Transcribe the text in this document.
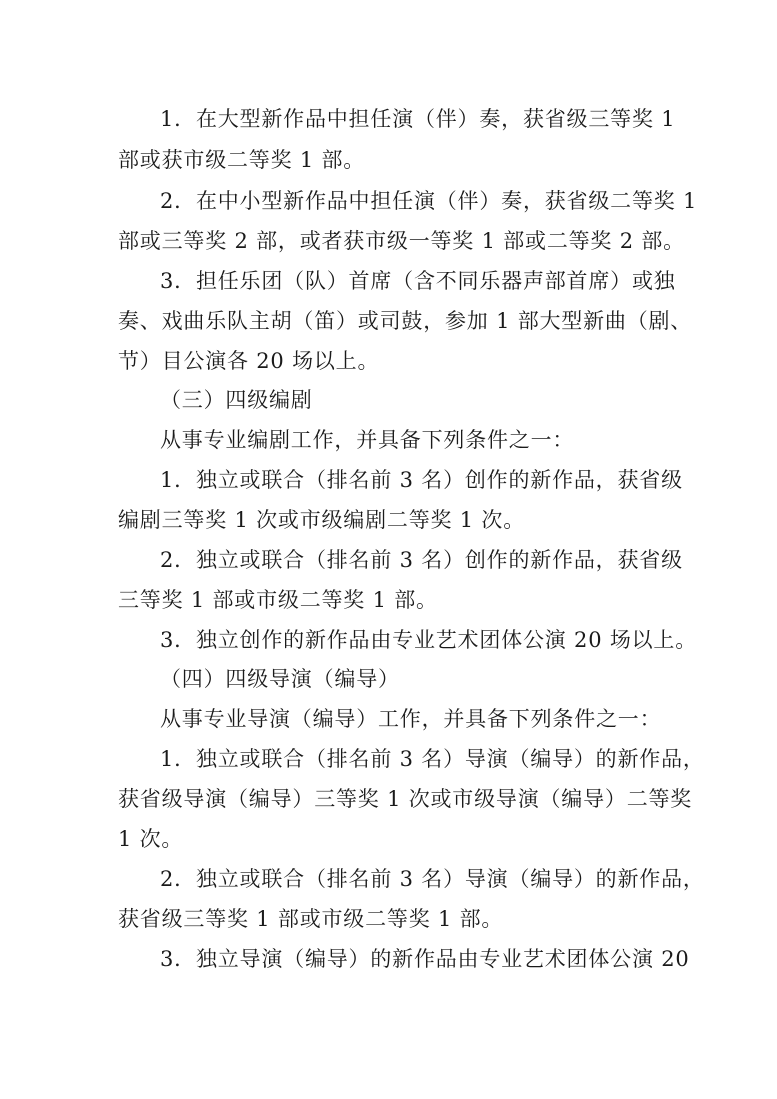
1．在大型新作品中担任演（伴）奏，获省级三等奖 1
部或获市级二等奖 1 部。
2．在中小型新作品中担任演（伴）奏，获省级二等奖 1
部或三等奖 2 部，或者获市级一等奖 1 部或二等奖 2 部。
3．担任乐团（队）首席（含不同乐器声部首席）或独
奏、戏曲乐队主胡（笛）或司鼓，参加 1 部大型新曲（剧、
节）目公演各 20 场以上。
（三）四级编剧
从事专业编剧工作，并具备下列条件之一：
1．独立或联合（排名前 3 名）创作的新作品，获省级
编剧三等奖 1 次或市级编剧二等奖 1 次。
2．独立或联合（排名前 3 名）创作的新作品，获省级
三等奖 1 部或市级二等奖 1 部。
3．独立创作的新作品由专业艺术团体公演 20 场以上。
（四）四级导演（编导）
从事专业导演（编导）工作，并具备下列条件之一：
1．独立或联合（排名前 3 名）导演（编导）的新作品，
获省级导演（编导）三等奖 1 次或市级导演（编导）二等奖
1 次。
2．独立或联合（排名前 3 名）导演（编导）的新作品，
获省级三等奖 1 部或市级二等奖 1 部。
3．独立导演（编导）的新作品由专业艺术团体公演 20
